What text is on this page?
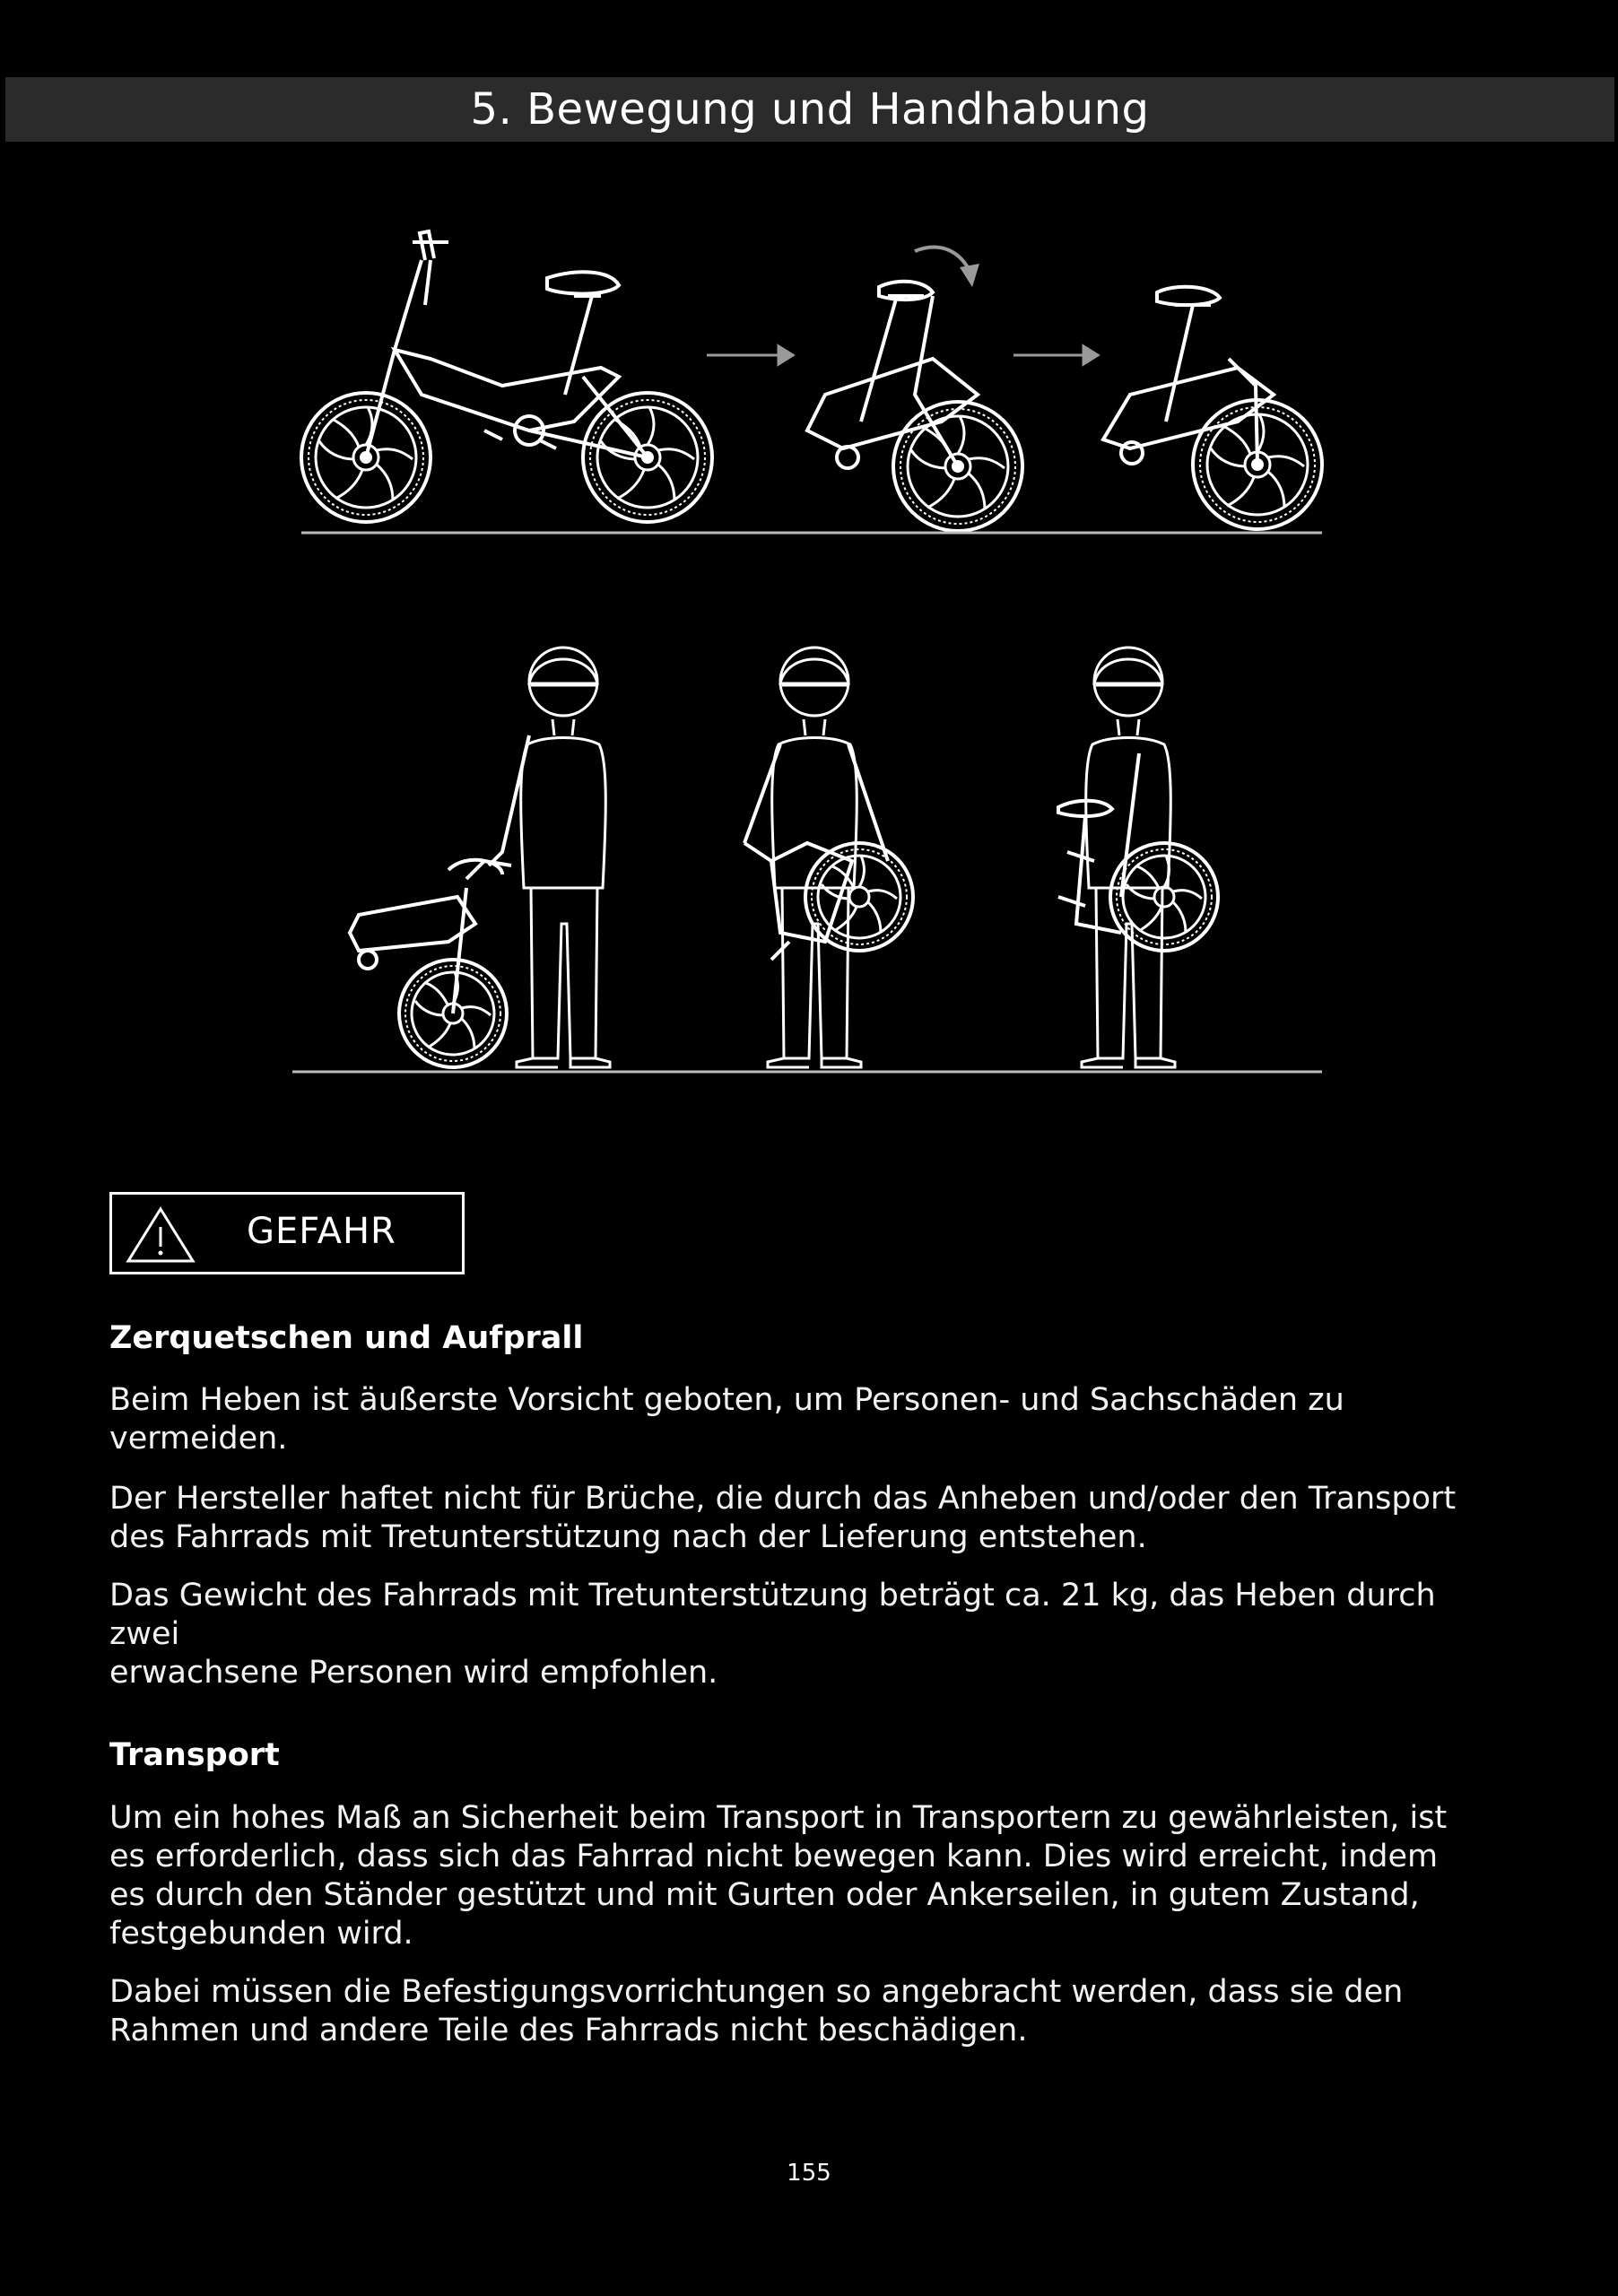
5. Bewegung und Handhabung
GEFAHR
Zerquetschen und Aufprall

Beim Heben ist äußerste Vorsicht geboten, um Personen- und Sachschäden zu

vermeiden.

Der Hersteller haftet nicht für Brüche, die durch das Anheben und/oder den Transport

des Fahrrads mit Tretunterstützung nach der Lieferung entstehen.

Das Gewicht des Fahrrads mit Tretunterstützung beträgt ca. 21 kg, das Heben durch zwei

erwachsene Personen wird empfohlen.

Transport

Um ein hohes Maß an Sicherheit beim Transport in Transportern zu gewährleisten, ist

es erforderlich, dass sich das Fahrrad nicht bewegen kann. Dies wird erreicht, indem

es durch den Ständer gestützt und mit Gurten oder Ankerseilen, in gutem Zustand,

festgebunden wird.

Dabei müssen die Befestigungsvorrichtungen so angebracht werden, dass sie den

Rahmen und andere Teile des Fahrrads nicht beschädigen.

155
